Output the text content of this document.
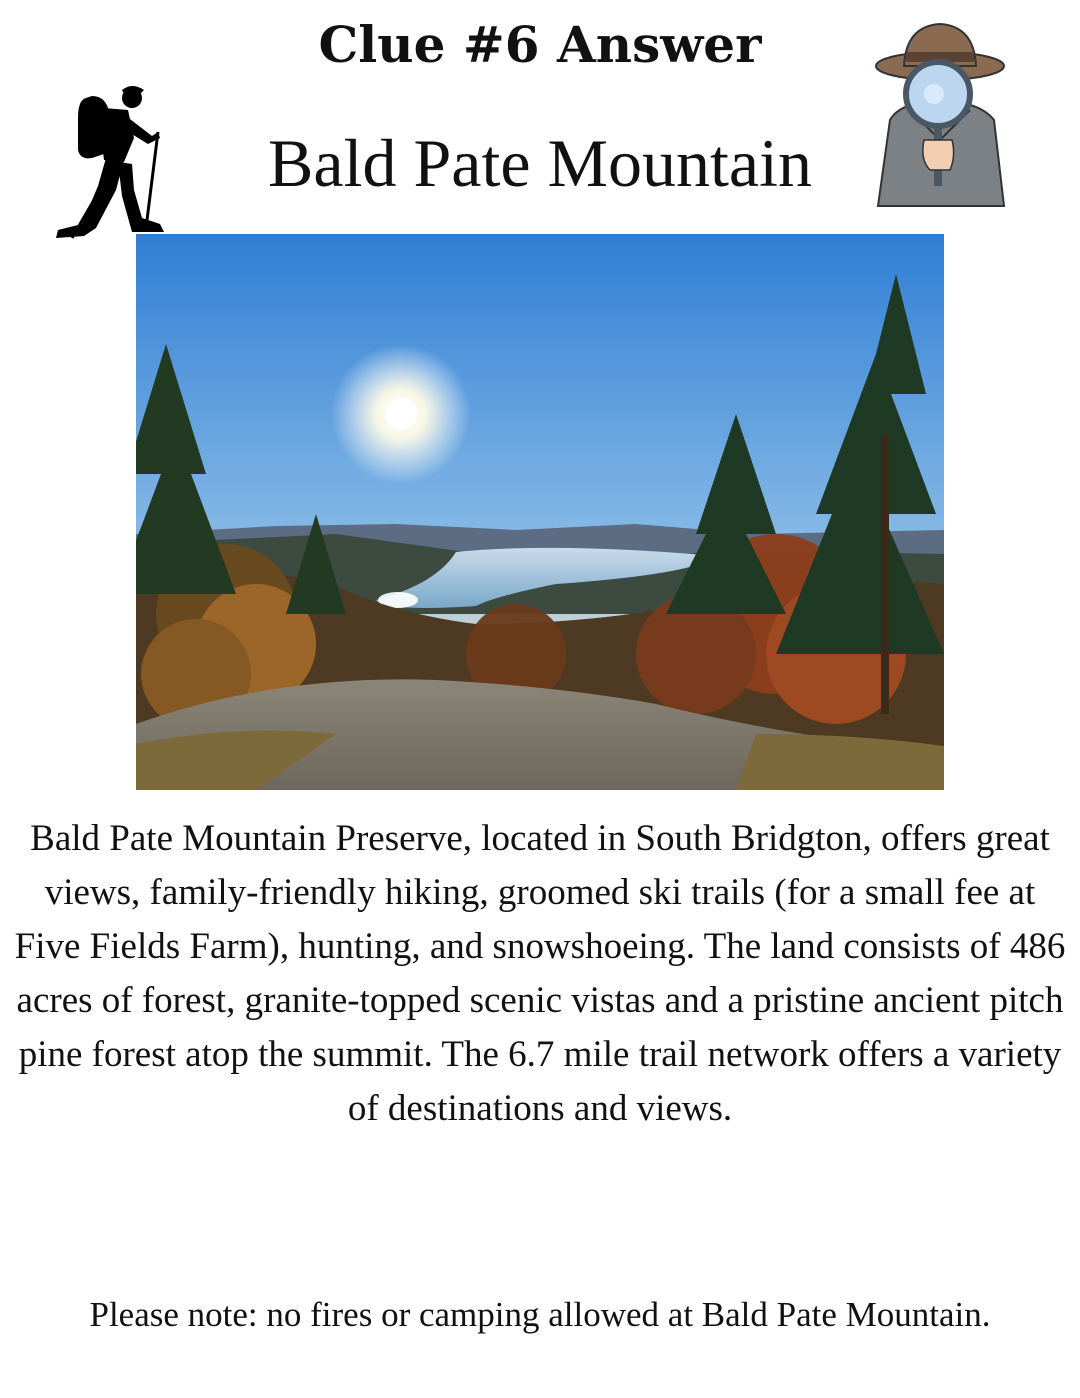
Clue #6 Answer
Bald Pate Mountain
Bald Pate Mountain Preserve, located in South Bridgton, offers great views, family-friendly hiking, groomed ski trails (for a small fee at Five Fields Farm), hunting, and snowshoeing. The land consists of 486 acres of forest, granite-topped scenic vistas and a pristine ancient pitch pine forest atop the summit. The 6.7 mile trail network offers a variety of destinations and views.
Please note: no fires or camping allowed at Bald Pate Mountain.
